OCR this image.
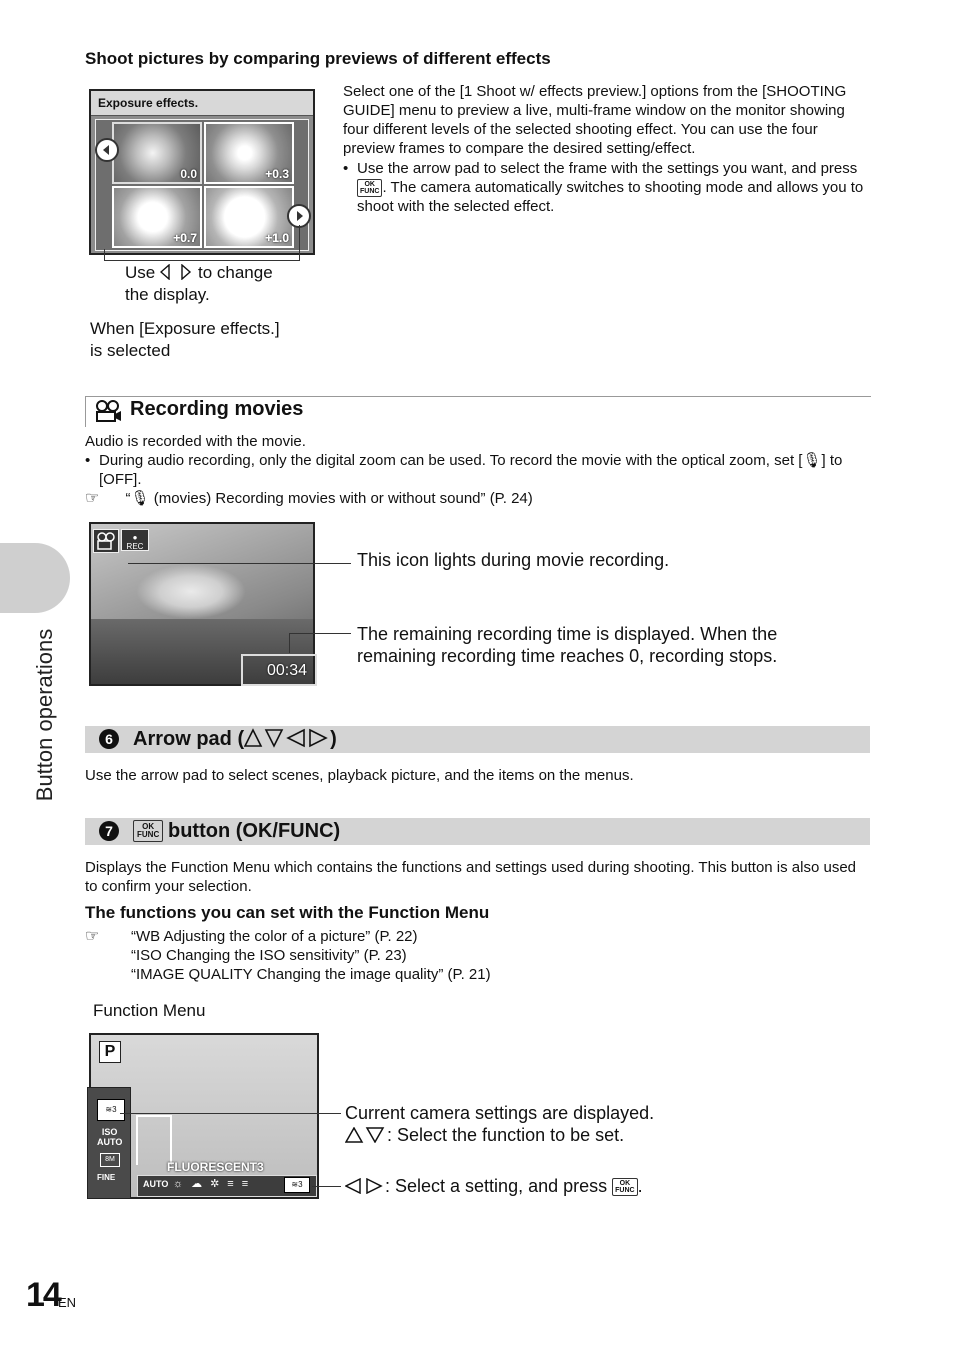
Button operations
Shoot pictures by comparing previews of different effects
Exposure effects.
0.0	+0.3
+0.7	+1.0
Use	to change
the display.
When [Exposure effects.]
is selected
Select one of the [1 Shoot w/ effects preview.] options from the [SHOOTING GUIDE] menu to preview a live, multi-frame window on the monitor showing four different levels of the selected shooting effect. You can use the four preview frames to compare the desired setting/effect.
• Use the arrow pad to select the frame with the settings you want, and press OK
FUNC . The camera automatically switches to shooting mode and allows you to shoot with the selected effect.
Recording movies
Audio is recorded with the movie.
• During audio recording, only the digital zoom can be used. To record the movie with the optical zoom, set [🎙] to [OFF].
☞ “🎙 (movies) Recording movies with or without sound” (P. 24)
●
REC
00:34
This icon lights during movie recording.
The remaining recording time is displayed. When the remaining recording time reaches 0, recording stops.
6	Arrow pad (	)
Use the arrow pad to select scenes, playback picture, and the items on the menus.
7	OK
FUNC button (OK/FUNC)
Displays the Function Menu which contains the functions and settings used during shooting. This button is also used to confirm your selection.
The functions you can set with the Function Menu
☞ “WB Adjusting the color of a picture” (P. 22)
“ISO Changing the ISO sensitivity” (P. 23)
“IMAGE QUALITY Changing the image quality” (P. 21)
Function Menu
P
≋3
ISO
AUTO
8M
FINE
FLUORESCENT3
AUTO ☼☁✲≡≡	≋3
Current camera settings are displayed.
: Select the function to be set.
: Select a setting, and press OK
FUNC .
14
EN
